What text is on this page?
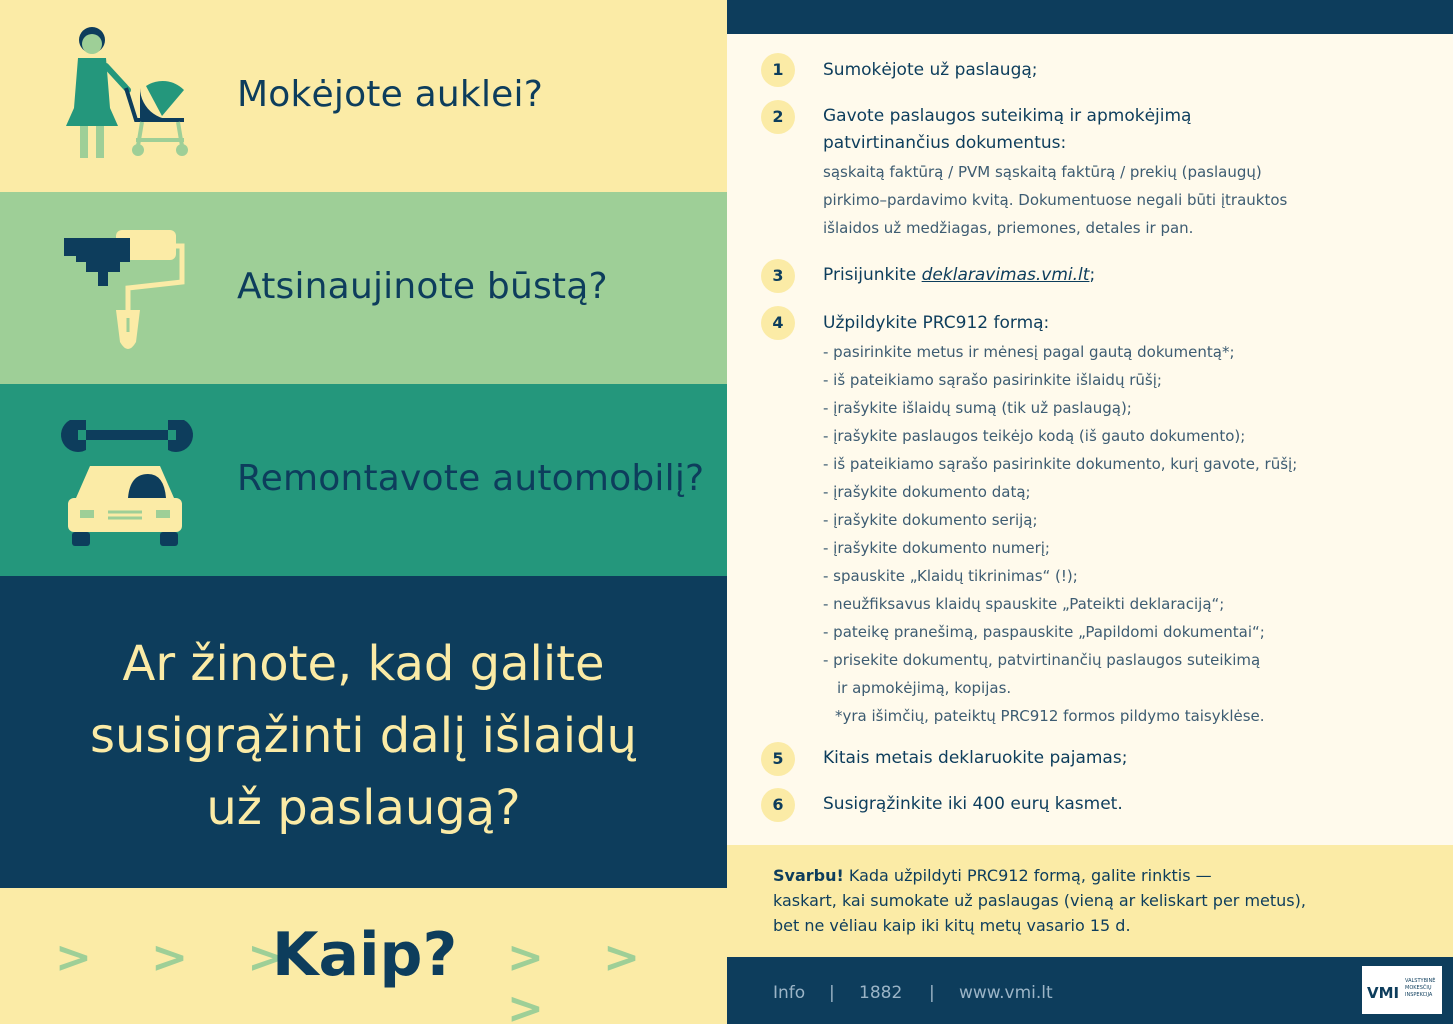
Mokėjote auklei?
Atsinaujinote būstą?
Remontavote automobilį?
Ar žinote, kad galite
susigrąžinti dalį išlaidų
už paslaugą?
> > >
Kaip? > > >
1	Sumokėjote už paslaugą;
2	Gavote paslaugos suteikimą ir apmokėjimą
patvirtinančius dokumentus:
sąskaitą faktūrą / PVM sąskaitą faktūrą / prekių (paslaugų)
pirkimo–pardavimo kvitą. Dokumentuose negali būti įtrauktos
išlaidos už medžiagas, priemones, detales ir pan.
3	Prisijunkite deklaravimas.vmi.lt;
4	Užpildykite PRC912 formą:
- pasirinkite metus ir mėnesį pagal gautą dokumentą*;
- iš pateikiamo sąrašo pasirinkite išlaidų rūšį;
- įrašykite išlaidų sumą (tik už paslaugą);
- įrašykite paslaugos teikėjo kodą (iš gauto dokumento);
- iš pateikiamo sąrašo pasirinkite dokumento, kurį gavote, rūšį;
- įrašykite dokumento datą;
- įrašykite dokumento seriją;
- įrašykite dokumento numerį;
- spauskite „Klaidų tikrinimas“ (!);
- neužfiksavus klaidų spauskite „Pateikti deklaraciją“;
- pateikę pranešimą, paspauskite „Papildomi dokumentai“;
- prisekite dokumentų, patvirtinančių paslaugos suteikimą
ir apmokėjimą, kopijas.
*yra išimčių, pateiktų PRC912 formos pildymo taisyklėse.
5	Kitais metais deklaruokite pajamas;
6	Susigrąžinkite iki 400 eurų kasmet.
Svarbu! Kada užpildyti PRC912 formą, galite rinktis —
kaskart, kai sumokate už paslaugas (vieną ar keliskart per metus),
bet ne vėliau kaip iki kitų metų vasario 15 d.
Info | 1882 | www.vmi.lt	VMI
VALSTYBINĖ MOKESČIŲ INSPEKCIJA
